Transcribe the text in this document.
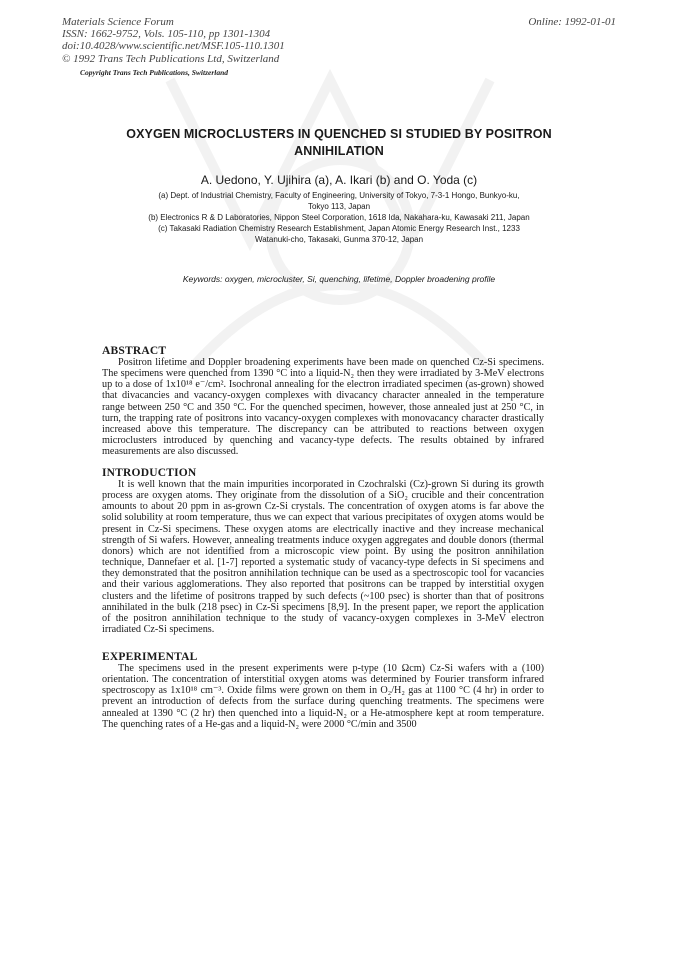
Materials Science Forum
ISSN: 1662-9752, Vols. 105-110, pp 1301-1304
doi:10.4028/www.scientific.net/MSF.105-110.1301
© 1992 Trans Tech Publications Ltd, Switzerland
Online: 1992-01-01
Copyright Trans Tech Publications, Switzerland
OXYGEN MICROCLUSTERS IN QUENCHED SI STUDIED BY POSITRON ANNIHILATION
A. Uedono, Y. Ujihira (a), A. Ikari (b) and O. Yoda (c)
(a) Dept. of Industrial Chemistry, Faculty of Engineering, University of Tokyo, 7-3-1 Hongo, Bunkyo-ku,
Tokyo 113, Japan
(b) Electronics R & D Laboratories, Nippon Steel Corporation, 1618 Ida, Nakahara-ku, Kawasaki 211, Japan
(c) Takasaki Radiation Chemistry Research Establishment, Japan Atomic Energy Research Inst., 1233
Watanuki-cho, Takasaki, Gunma 370-12, Japan
Keywords: oxygen, microcluster, Si, quenching, lifetime, Doppler broadening profile
ABSTRACT

Positron lifetime and Doppler broadening experiments have been made on quenched Cz-Si specimens. The specimens were quenched from 1390 °C into a liquid-N₂ then they were irradiated by 3-MeV electrons up to a dose of 1x10¹⁸ e⁻/cm². Isochronal annealing for the electron irradiated specimen (as-grown) showed that divacancies and vacancy-oxygen complexes with divacancy character annealed in the temperature range between 250 °C and 350 °C. For the quenched specimen, however, those annealed just at 250 °C, in turn, the trapping rate of positrons into vacancy-oxygen complexes with monovacancy character drastically increased above this temperature. The discrepancy can be attributed to reactions between oxygen microclusters introduced by quenching and vacancy-type defects. The results obtained by infrared measurements are also discussed.

INTRODUCTION

It is well known that the main impurities incorporated in Czochralski (Cz)-grown Si during its growth process are oxygen atoms. They originate from the dissolution of a SiO₂ crucible and their concentration amounts to about 20 ppm in as-grown Cz-Si crystals. The concentration of oxygen atoms is far above the solid solubility at room temperature, thus we can expect that various precipitates of oxygen atoms would be present in Cz-Si specimens. These oxygen atoms are electrically inactive and they increase mechanical strength of Si wafers. However, annealing treatments induce oxygen aggregates and double donors (thermal donors) which are not identified from a microscopic view point. By using the positron annihilation technique, Dannefaer et al. [1-7] reported a systematic study of vacancy-type defects in Si specimens and they demonstrated that the positron annihilation technique can be used as a spectroscopic tool for vacancies and their various agglomerations. They also reported that positrons can be trapped by interstitial oxygen clusters and the lifetime of positrons trapped by such defects (~100 psec) is shorter than that of positrons annihilated in the bulk (218 psec) in Cz-Si specimens [8,9]. In the present paper, we report the application of the positron annihilation technique to the study of vacancy-oxygen complexes in 3-MeV electron irradiated Cz-Si specimens.

EXPERIMENTAL

The specimens used in the present experiments were p-type (10 Ωcm) Cz-Si wafers with a (100) orientation. The concentration of interstitial oxygen atoms was determined by Fourier transform infrared spectroscopy as 1x10¹⁸ cm⁻³. Oxide films were grown on them in O₂/H₂ gas at 1100 °C (4 hr) in order to prevent an introduction of defects from the surface during quenching treatments. The specimens were annealed at 1390 °C (2 hr) then quenched into a liquid-N₂ or a He-atmosphere kept at room temperature. The quenching rates of a He-gas and a liquid-N₂ were 2000 °C/min and 3500
